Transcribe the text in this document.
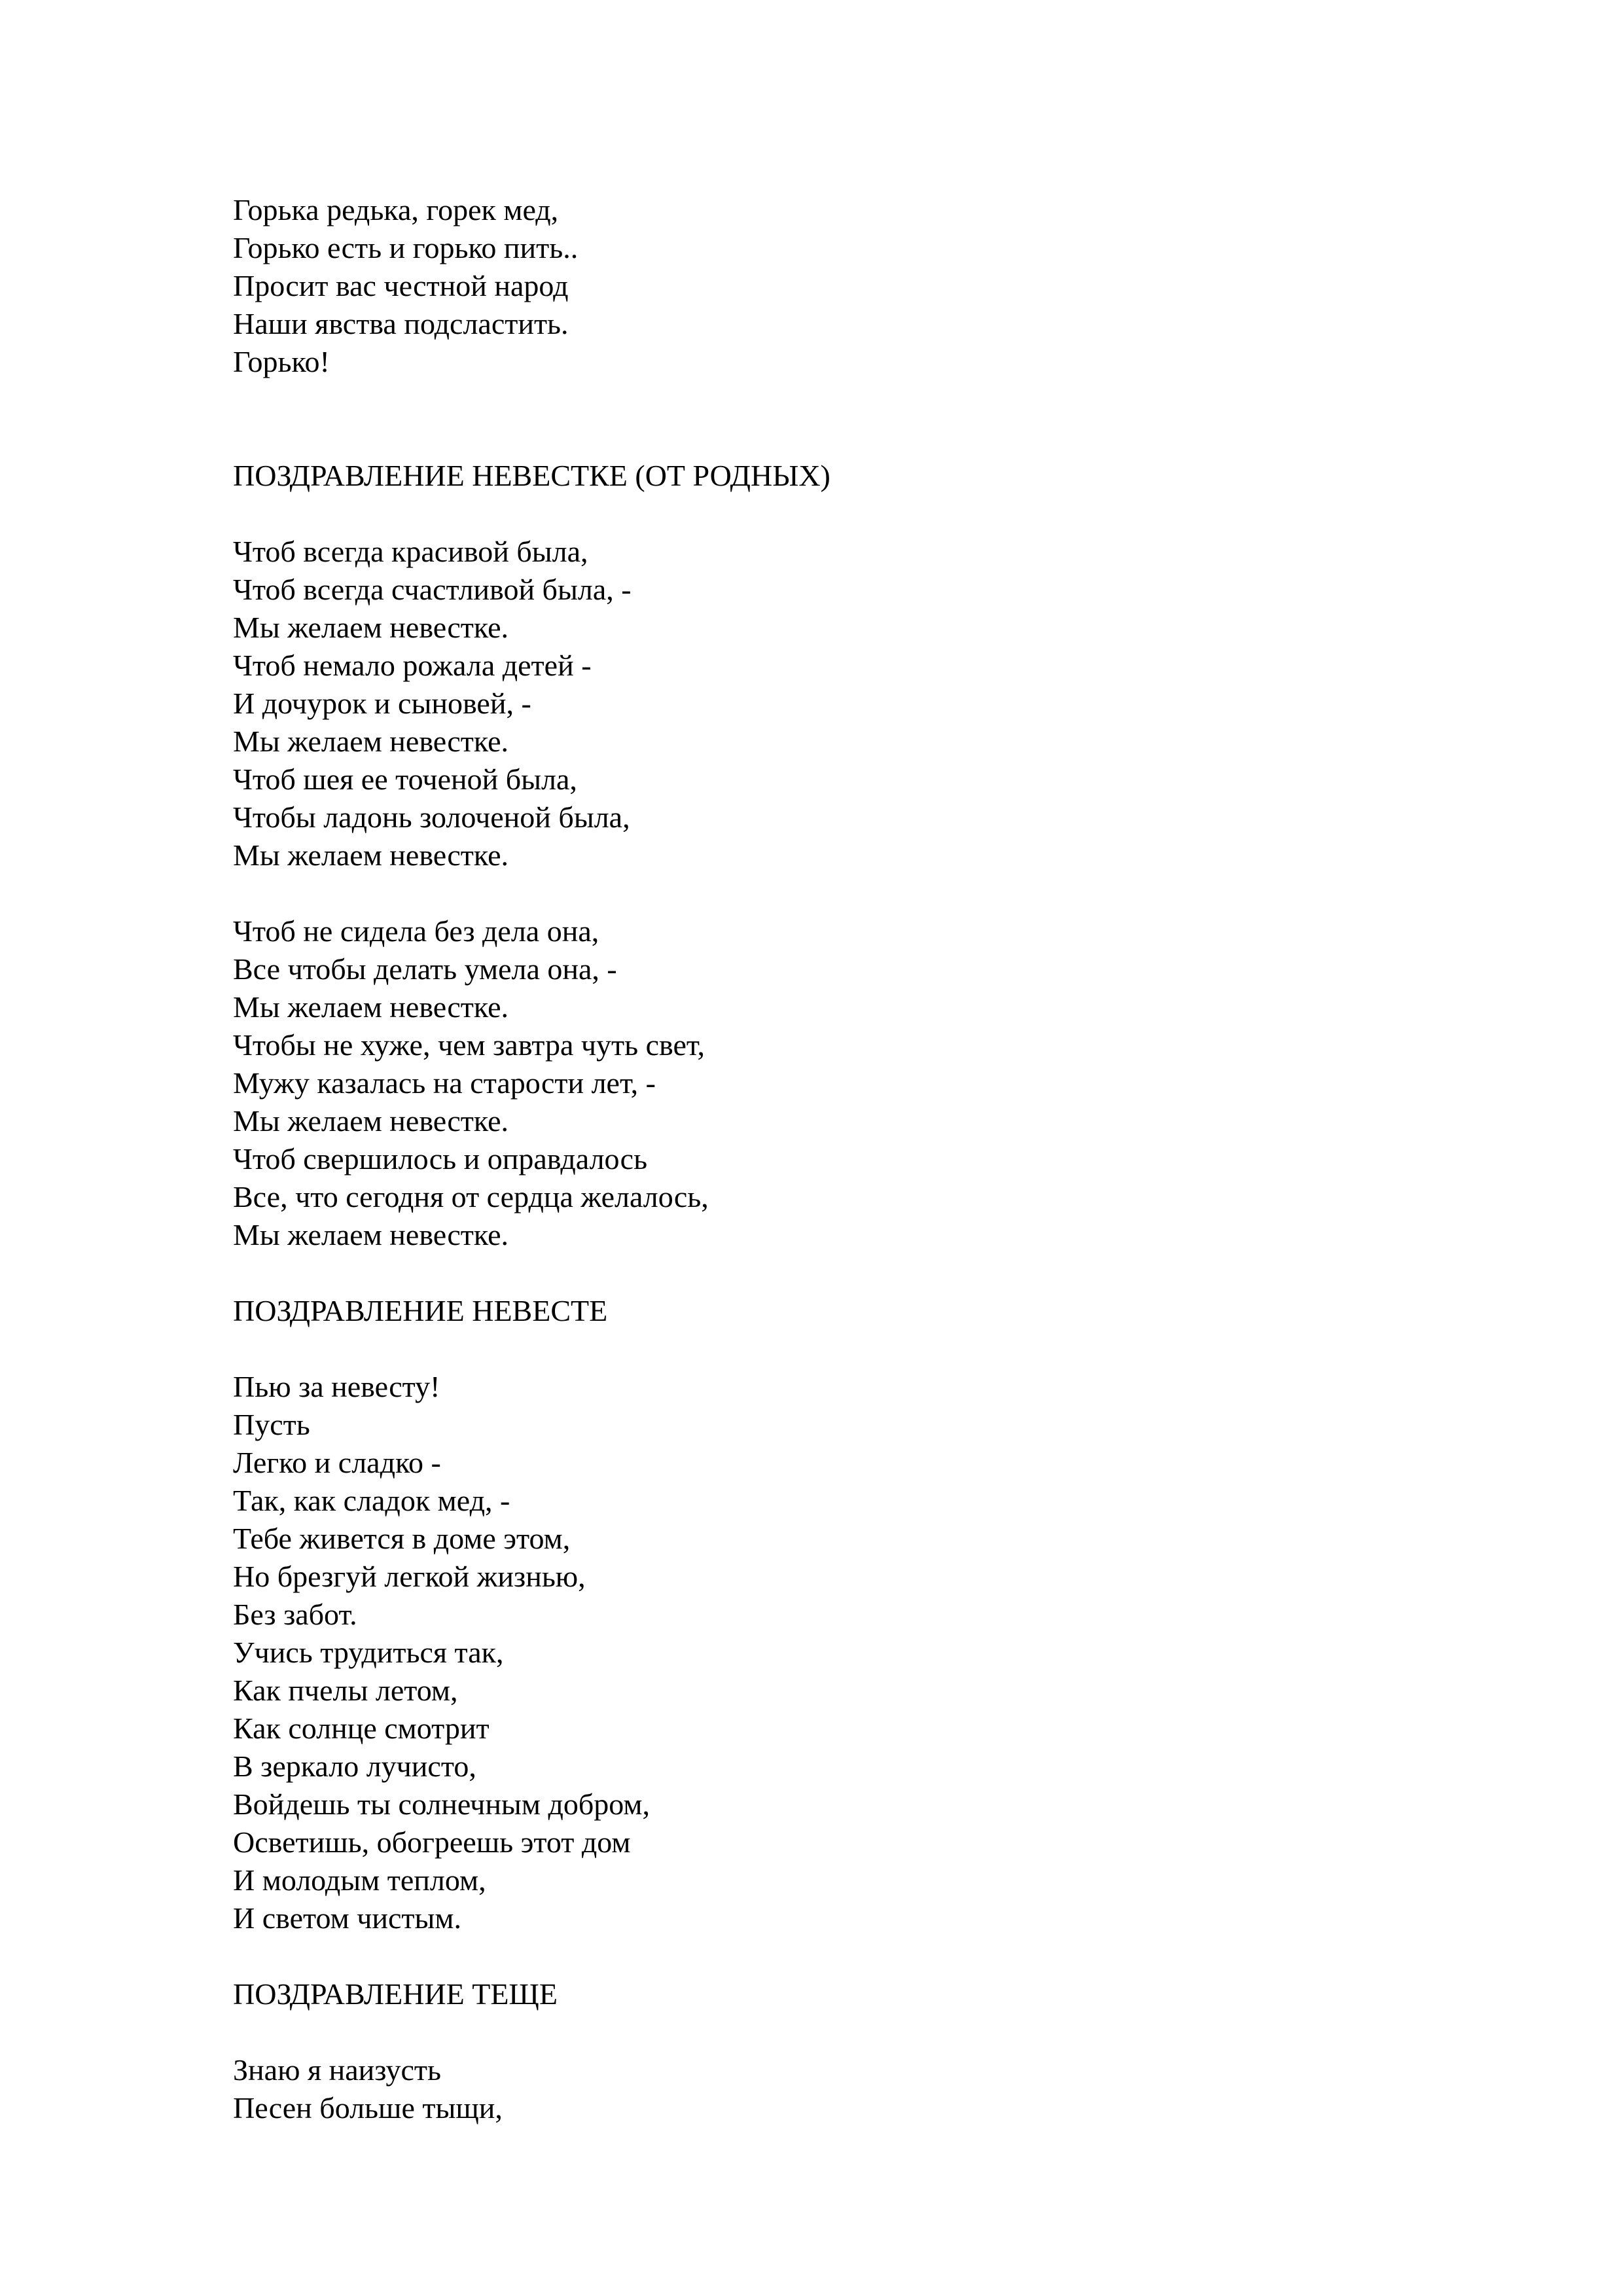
Горька редька, горек мед,
Горько есть и горько пить..
Просит вас честной народ
Наши явства подсластить.
Горько!
ПОЗДРАВЛЕНИЕ НЕВЕСТКЕ (ОТ РОДНЫХ)
Чтоб всегда красивой была,
Чтоб всегда счастливой была, -
Мы желаем невестке.
Чтоб немало рожала детей -
И дочурок и сыновей, -
Мы желаем невестке.
Чтоб шея ее точеной была,
Чтобы ладонь золоченой была,
Мы желаем невестке.
Чтоб не сидела без дела она,
Все чтобы делать умела она, -
Мы желаем невестке.
Чтобы не хуже, чем завтра чуть свет,
Мужу казалась на старости лет, -
Мы желаем невестке.
Чтоб свершилось и оправдалось
Все, что сегодня от сердца желалось,
Мы желаем невестке.
ПОЗДРАВЛЕНИЕ НЕВЕСТЕ
Пью за невесту!
Пусть
Легко и сладко -
Так, как сладок мед, -
Тебе живется в доме этом,
Но брезгуй легкой жизнью,
Без забот.
Учись трудиться так,
Как пчелы летом,
Как солнце смотрит
В зеркало лучисто,
Войдешь ты солнечным добром,
Осветишь, обогреешь этот дом
И молодым теплом,
И светом чистым.
ПОЗДРАВЛЕНИЕ ТЕЩЕ
Знаю я наизусть
Песен больше тыщи,
